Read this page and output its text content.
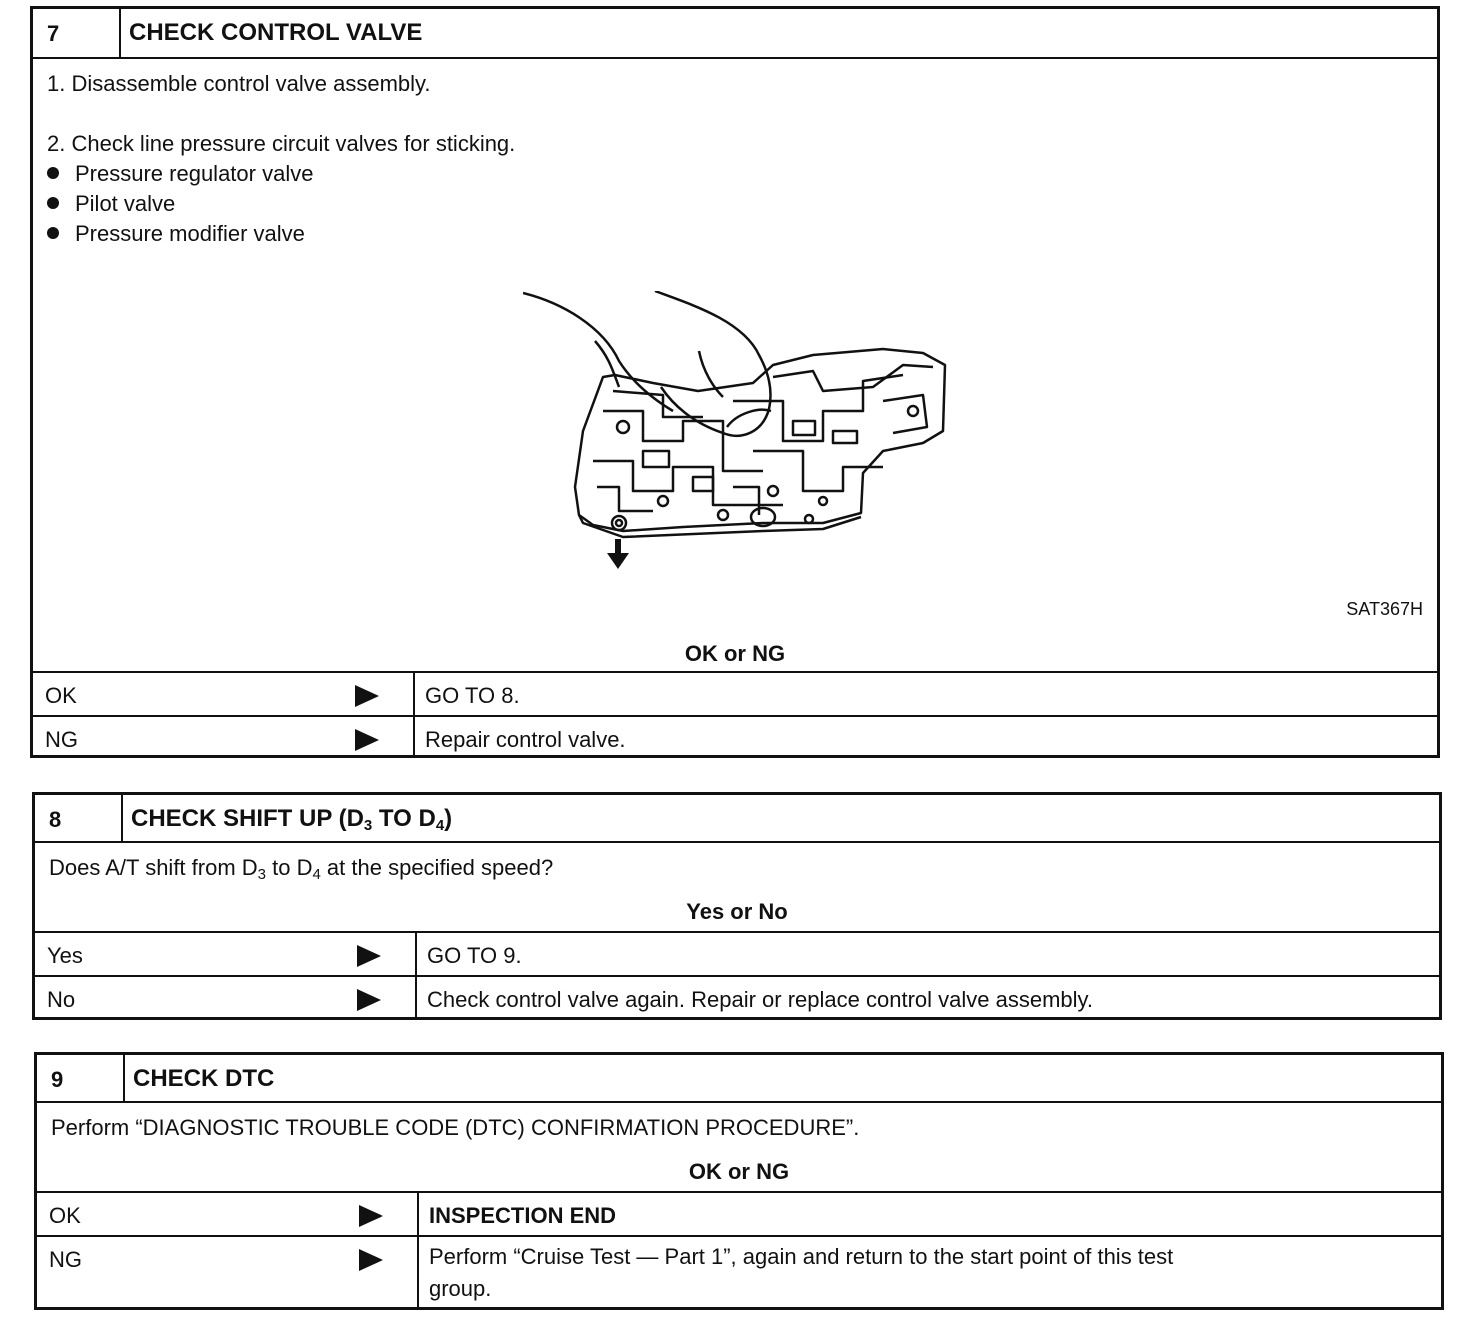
7	CHECK CONTROL VALVE
1. Disassemble control valve assembly.
2. Check line pressure circuit valves for sticking.
Pressure regulator valve
Pilot valve
Pressure modifier valve
SAT367H
OK or NG
OK	GO TO 8.
NG	Repair control valve.
8	CHECK SHIFT UP ($D_3$ TO $D_4$)
Does A/T shift from $D_3$ to $D_4$ at the specified speed?
Yes or No
Yes	GO TO 9.
No	Check control valve again. Repair or replace control valve assembly.
9	CHECK DTC
Perform “DIAGNOSTIC TROUBLE CODE (DTC) CONFIRMATION PROCEDURE”.
OK or NG
OK	INSPECTION END
NG	Perform “Cruise Test — Part 1”, again and return to the start point of this test
group.
